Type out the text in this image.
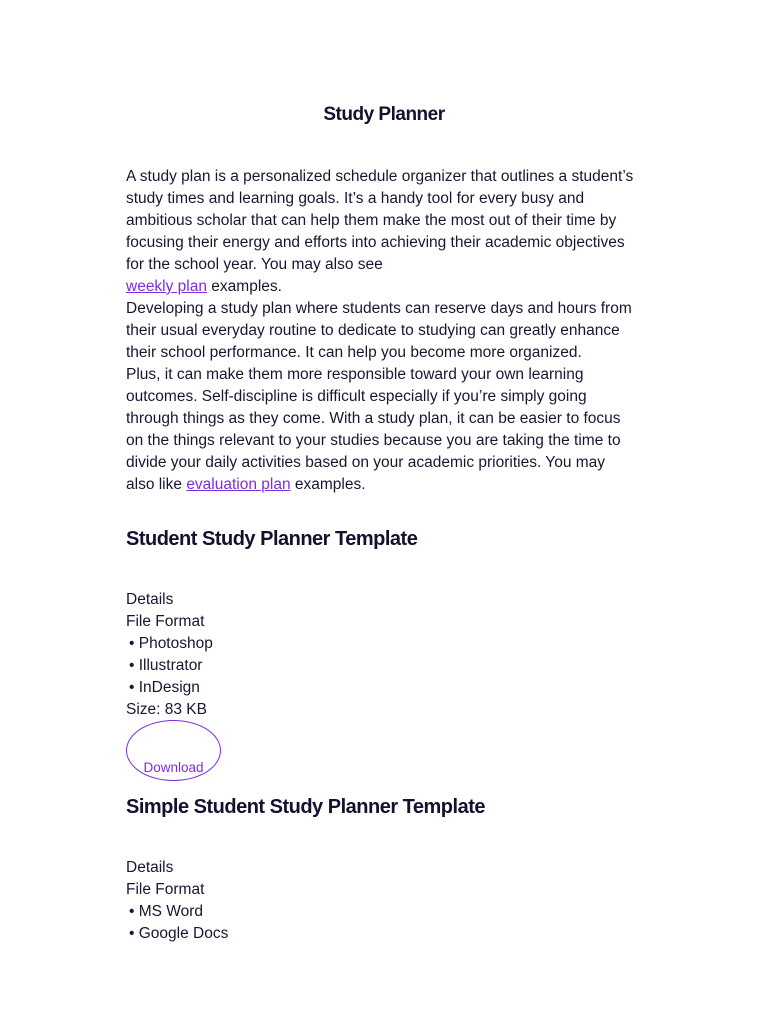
Study Planner

A study plan is a personalized schedule organizer that outlines a student’s study times and learning goals. It’s a handy tool for every busy and ambitious scholar that can help them make the most out of their time by focusing their energy and efforts into achieving their academic objectives for the school year. You may also see
weekly plan examples.

Developing a study plan where students can reserve days and hours from their usual everyday routine to dedicate to studying can greatly enhance their school performance. It can help you become more organized.

Plus, it can make them more responsible toward your own learning outcomes. Self-discipline is difficult especially if you’re simply going through things as they come. With a study plan, it can be easier to focus on the things relevant to your studies because you are taking the time to divide your daily activities based on your academic priorities. You may also like evaluation plan examples.

Student Study Planner Template
Details
File Format
• Photoshop
• Illustrator
• InDesign
Size: 83 KB
Download
Simple Student Study Planner Template
Details
File Format
• MS Word
• Google Docs
